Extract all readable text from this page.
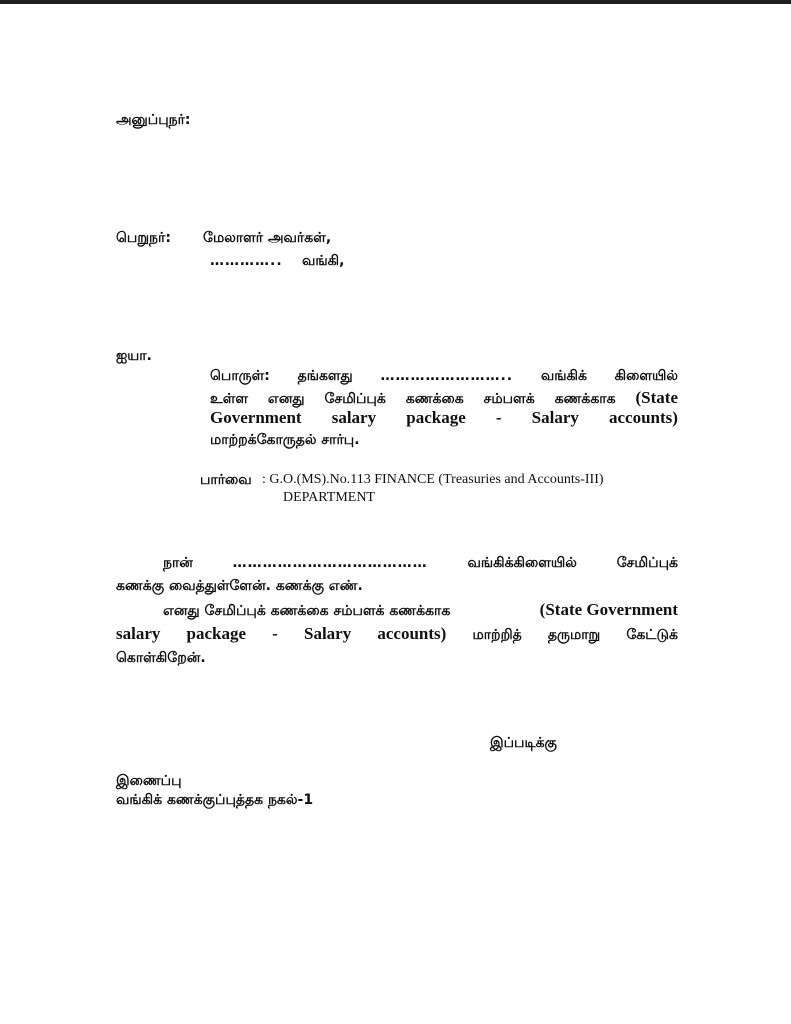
அனுப்புநர்:
பெறுநர்: மேலாளர் அவர்கள்,
………….. வங்கி,
ஐயா.
பொருள்: தங்களது …………………….. வங்கிக் கிளையில்
உள்ள எனது சேமிப்புக் கணக்கை சம்பளக் கணக்காக (State
Government salary package - Salary accounts)
மாற்றக்கோருதல் சார்பு.
பார்வை : G.O.(MS).No.113 FINANCE (Treasuries and Accounts-III)
DEPARTMENT
நான்	…………………………………	வங்கிக்கிளையில்	சேமிப்புக்
கணக்கு வைத்துள்ளேன். கணக்கு எண்.
எனது சேமிப்புக் கணக்கை சம்பளக் கணக்காக	(State Government
salary package - Salary accounts) மாற்றித் தருமாறு கேட்டுக்
கொள்கிறேன்.
இப்படிக்கு
இணைப்பு
வங்கிக் கணக்குப்புத்தக நகல்-1
